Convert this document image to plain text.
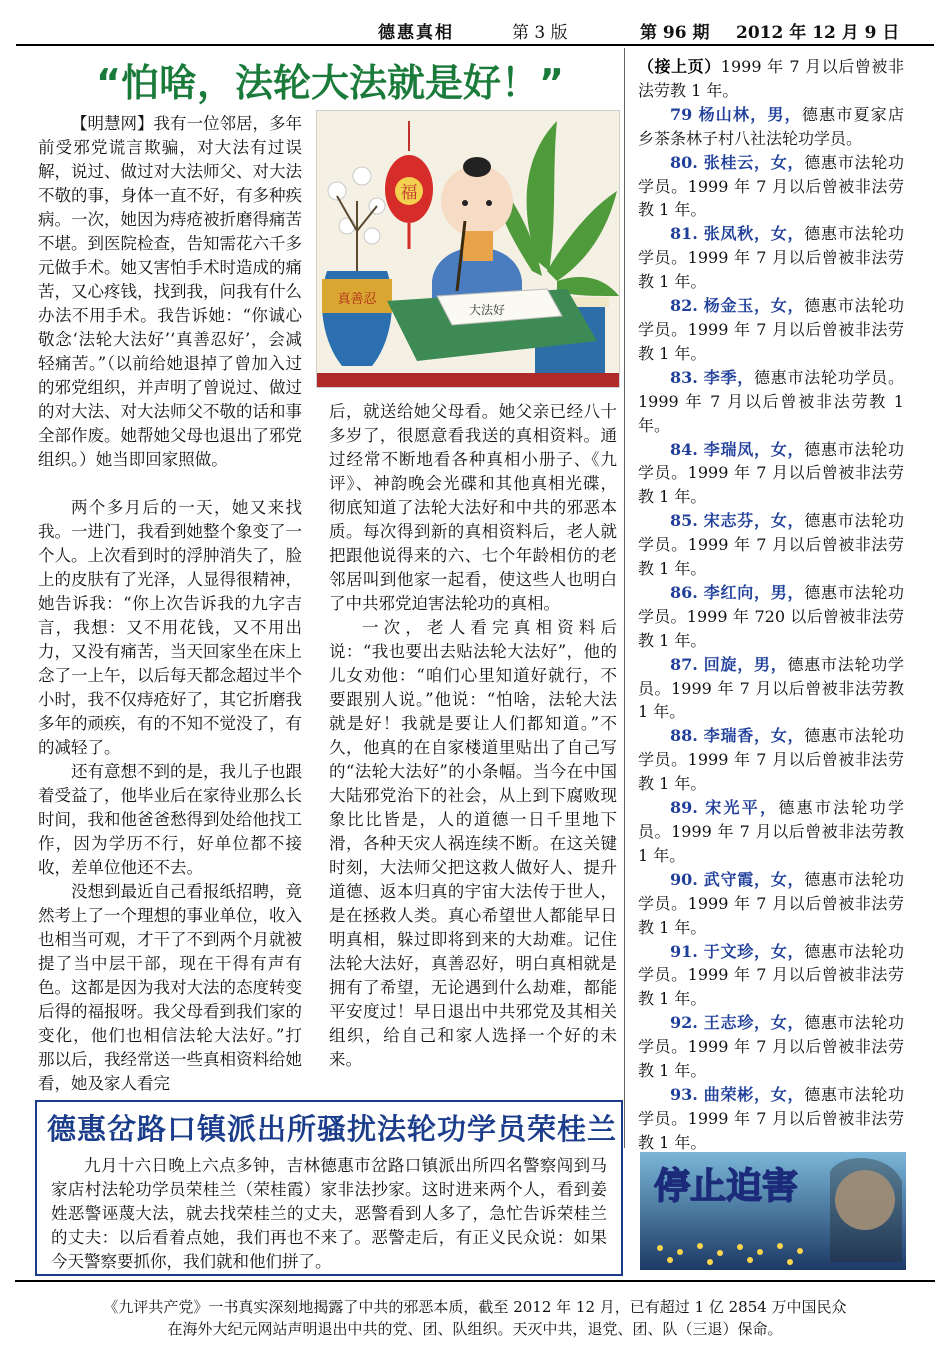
德惠真相	第 3 版	第 96 期 2012 年 12 月 9 日
“怕啥，法轮大法就是好！”

【明慧网】我有一位邻居，多年前受邪党谎言欺骗，对大法有过误解，说过、做过对大法师父、对大法不敬的事，身体一直不好，有多种疾病。一次，她因为痔疮被折磨得痛苦不堪。到医院检查，告知需花六千多元做手术。她又害怕手术时造成的痛苦，又心疼钱，找到我，问我有什么办法不用手术。我告诉她：“你诚心敬念‘法轮大法好’‘真善忍好’，会减轻痛苦。”（以前给她退掉了曾加入过的邪党组织，并声明了曾说过、做过的对大法、对大法师父不敬的话和事全部作废。她帮她父母也退出了邪党组织。）她当即回家照做。

两个多月后的一天，她又来找我。一进门，我看到她整个象变了一个人。上次看到时的浮肿消失了，脸上的皮肤有了光泽，人显得很精神，她告诉我：“你上次告诉我的九字吉言，我想：又不用花钱，又不用出力，又没有痛苦，当天回家坐在床上念了一上午，以后每天都念超过半个小时，我不仅痔疮好了，其它折磨我多年的顽疾，有的不知不觉没了，有的减轻了。

还有意想不到的是，我儿子也跟着受益了，他毕业后在家待业那么长时间，我和他爸爸愁得到处给他找工作，因为学历不行，好单位都不接收，差单位他还不去。

没想到最近自己看报纸招聘，竟然考上了一个理想的事业单位，收入也相当可观，才干了不到两个月就被提了当中层干部，现在干得有声有色。这都是因为我对大法的态度转变后得的福报呀。我父母看到我们家的变化，他们也相信法轮大法好。”打那以后，我经常送一些真相资料给她看，她及家人看完

福
真善忍
大法好

后，就送给她父母看。她父亲已经八十多岁了，很愿意看我送的真相资料。通过经常不断地看各种真相小册子、《九评》、神韵晚会光碟和其他真相光碟，彻底知道了法轮大法好和中共的邪恶本质。每次得到新的真相资料后，老人就把跟他说得来的六、七个年龄相仿的老邻居叫到他家一起看，使这些人也明白了中共邪党迫害法轮功的真相。

一次，老人看完真相资料后说：“我也要出去贴法轮大法好”，他的儿女劝他：“咱们心里知道好就行，不要跟别人说。”他说：“怕啥，法轮大法就是好！我就是要让人们都知道。”不久，他真的在自家楼道里贴出了自己写的“法轮大法好”的小条幅。当今在中国大陆邪党治下的社会，从上到下腐败现象比比皆是，人的道德一日千里地下滑，各种天灾人祸连续不断。在这关键时刻，大法师父把这救人做好人、提升道德、返本归真的宇宙大法传于世人，是在拯救人类。真心希望世人都能早日明真相，躲过即将到来的大劫难。记住法轮大法好，真善忍好，明白真相就是拥有了希望，无论遇到什么劫难，都能平安度过！早日退出中共邪党及其相关组织，给自己和家人选择一个好的未来。

（接上页）1999 年 7 月以后曾被非法劳教 1 年。

79 杨山林，男，德惠市夏家店乡茶条林子村八社法轮功学员。

80. 张桂云，女，德惠市法轮功学员。1999 年 7 月以后曾被非法劳教 1 年。

81. 张凤秋，女，德惠市法轮功学员。1999 年 7 月以后曾被非法劳教 1 年。

82. 杨金玉，女，德惠市法轮功学员。1999 年 7 月以后曾被非法劳教 1 年。

83. 李季，德惠市法轮功学员。1999 年 7 月以后曾被非法劳教 1 年。

84. 李瑞凤，女，德惠市法轮功学员。1999 年 7 月以后曾被非法劳教 1 年。

85. 宋志芬，女，德惠市法轮功学员。1999 年 7 月以后曾被非法劳教 1 年。

86. 李红向，男，德惠市法轮功学员。1999 年 720 以后曾被非法劳教 1 年。

87. 回旋，男，德惠市法轮功学员。1999 年 7 月以后曾被非法劳教 1 年。

88. 李瑞香，女，德惠市法轮功学员。1999 年 7 月以后曾被非法劳教 1 年。

89. 宋光平，德惠市法轮功学员。1999 年 7 月以后曾被非法劳教 1 年。

90. 武守霞，女，德惠市法轮功学员。1999 年 7 月以后曾被非法劳教 1 年。

91. 于文珍，女，德惠市法轮功学员。1999 年 7 月以后曾被非法劳教 1 年。

92. 王志珍，女，德惠市法轮功学员。1999 年 7 月以后曾被非法劳教 1 年。

93. 曲荣彬，女，德惠市法轮功学员。1999 年 7 月以后曾被非法劳教 1 年。

德惠岔路口镇派出所骚扰法轮功学员荣桂兰

九月十六日晚上六点多钟，吉林德惠市岔路口镇派出所四名警察闯到马家店村法轮功学员荣桂兰（荣桂霞）家非法抄家。这时进来两个人，看到姜姓恶警诬蔑大法，就去找荣桂兰的丈夫，恶警看到人多了，急忙告诉荣桂兰的丈夫：以后看着点她，我们再也不来了。恶警走后，有正义民众说：如果今天警察要抓你，我们就和他们拼了。

停止迫害
《九评共产党》一书真实深刻地揭露了中共的邪恶本质，截至 2012 年 12 月，已有超过 1 亿 2854 万中国民众
在海外大纪元网站声明退出中共的党、团、队组织。天灭中共，退党、团、队（三退）保命。
